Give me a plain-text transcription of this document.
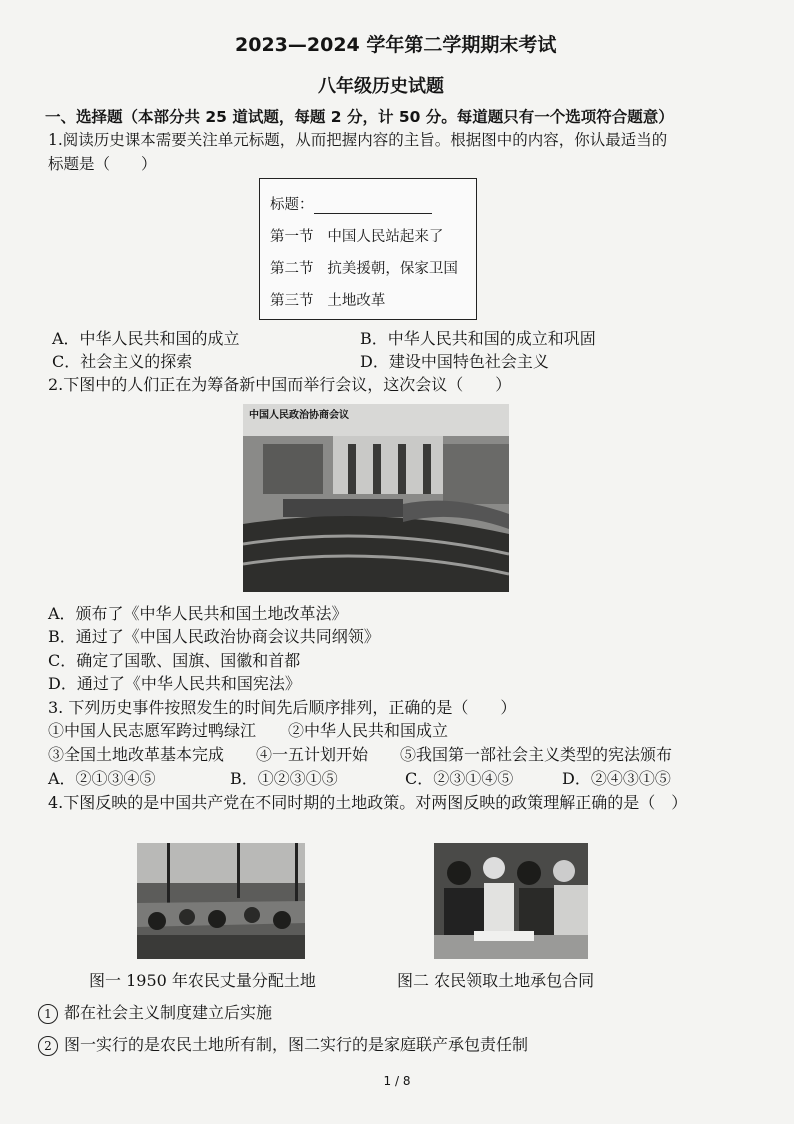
2023—2024 学年第二学期期末考试
八年级历史试题
一、选择题（本部分共 25 道试题，每题 2 分，计 50 分。每道题只有一个选项符合题意）
1.阅读历史课本需要关注单元标题，从而把握内容的主旨。根据图中的内容，你认最适当的
标题是（　　）
标题：
第一节 中国人民站起来了
第二节 抗美援朝，保家卫国
第三节 土地改革
A．中华人民共和国的成立	B．中华人民共和国的成立和巩固
C．社会主义的探索	D．建设中国特色社会主义
2.下图中的人们正在为筹备新中国而举行会议，这次会议（　　）
中国人民政治协商会议
A．颁布了《中华人民共和国土地改革法》
B．通过了《中国人民政治协商会议共同纲领》
C．确定了国歌、国旗、国徽和首都
D．通过了《中华人民共和国宪法》
3. 下列历史事件按照发生的时间先后顺序排列，正确的是（　　）
①中国人民志愿军跨过鸭绿江　　②中华人民共和国成立
③全国土地改革基本完成　　④一五计划开始　　⑤我国第一部社会主义类型的宪法颁布
A．②①③④⑤	B．①②③①⑤	C．②③①④⑤	D．②④③①⑤
4.下图反映的是中国共产党在不同时期的土地政策。对两图反映的政策理解正确的是（　）
图一 1950 年农民丈量分配土地	图二 农民领取土地承包合同
1 都在社会主义制度建立后实施
2 图一实行的是农民土地所有制，图二实行的是家庭联产承包责任制
1 / 8
